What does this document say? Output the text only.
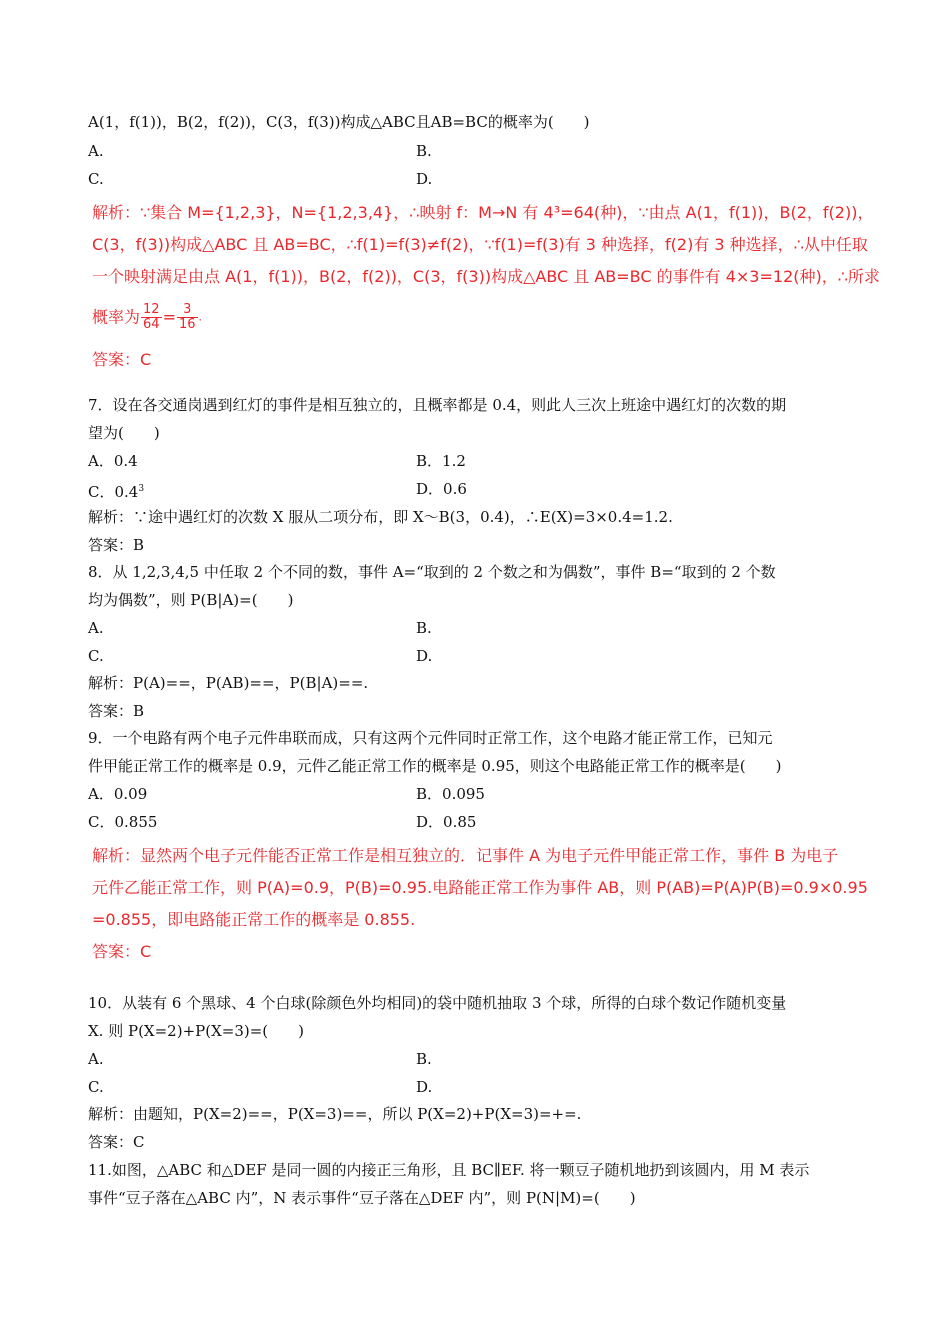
A(1，f(1))，B(2，f(2))，C(3，f(3))构成△ABC且AB=BC的概率为(　　)
A.	B.
C.	D.
解析：∵集合 M={1,2,3}，N={1,2,3,4}，∴映射 f：M→N 有 4³=64(种)，∵由点 A(1，f(1))，B(2，f(2))，
C(3，f(3))构成△ABC 且 AB=BC，∴f(1)=f(3)≠f(2)，∵f(1)=f(3)有 3 种选择，f(2)有 3 种选择，∴从中任取
一个映射满足由点 A(1，f(1))，B(2，f(2))，C(3，f(3))构成△ABC 且 AB=BC 的事件有 4×3=12(种)，∴所求
概率为 $\frac{12}{64} = \frac{3}{16}$ .
答案：C
7．设在各交通岗遇到红灯的事件是相互独立的，且概率都是 0.4，则此人三次上班途中遇红灯的次数的期
望为(　　)
A．0.4	B．1.2
C．$0.4^3$	D．0.6
解析：∵途中遇红灯的次数 X 服从二项分布，即 X～B(3，0.4)，∴E(X)=3×0.4=1.2.
答案：B
8．从 1,2,3,4,5 中任取 2 个不同的数，事件 A=“取到的 2 个数之和为偶数”，事件 B=“取到的 2 个数
均为偶数”，则 P(B|A)=(　　)
A.	B.
C.	D.
解析：P(A)==，P(AB)==，P(B|A)==.
答案：B
9．一个电路有两个电子元件串联而成，只有这两个元件同时正常工作，这个电路才能正常工作，已知元
件甲能正常工作的概率是 0.9，元件乙能正常工作的概率是 0.95，则这个电路能正常工作的概率是(　　)
A．0.09	B．0.095
C．0.855	D．0.85
解析：显然两个电子元件能否正常工作是相互独立的．记事件 A 为电子元件甲能正常工作，事件 B 为电子
元件乙能正常工作，则 P(A)=0.9，P(B)=0.95.电路能正常工作为事件 AB，则 P(AB)=P(A)P(B)=0.9×0.95
=0.855，即电路能正常工作的概率是 0.855.
答案：C
10．从装有 6 个黑球、4 个白球(除颜色外均相同)的袋中随机抽取 3 个球，所得的白球个数记作随机变量
X. 则 P(X=2)+P(X=3)=(　　)
A.	B.
C.	D.
解析：由题知，P(X=2)==，P(X=3)==，所以 P(X=2)+P(X=3)=+=.
答案：C
11.如图，△ABC 和△DEF 是同一圆的内接正三角形，且 BC∥EF. 将一颗豆子随机地扔到该圆内，用 M 表示
事件“豆子落在△ABC 内”，N 表示事件“豆子落在△DEF 内”，则 P(N|M)=(　　)
